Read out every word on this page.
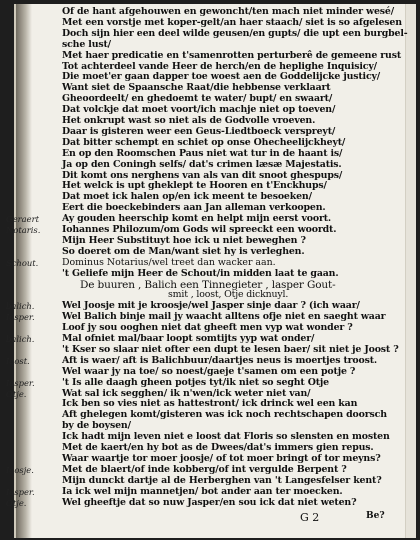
Of de hant afgehouwen en gewoncht/ten mach niet minder wesé/
Met een vorstje met koper-gelt/an haer staach/ siet is so afgelesen
Doch sijn hier een deel wilde geusen/en gupts/ die upt een burgbel-
sche lust/
Met haer predicatie en t'samenrotten perturberê de gemeene rust
Tot achterdeel vande Heer de herch/en de heplighe Inquisicy/
Die moet'er gaan dapper toe woest aen de Goddelijcke justicy/
Want siet de Spaansche Raat/die hebbense verklaart
Gheoordeelt/ en ghedoemt te water/ bupt/ en swaart/
Dat volckje dat moet voort/ich machje niet op toeven/
Het onkrupt wast so niet als de Godvolle vroeven.
Daar is gisteren weer een Geus-Liedtboeck verspreyt/
Dat bitter schempt en schiet op onse Ohecheelijckheyt/
En op den Roomschen Paus niet wat tur in de haant is/
Ja op den Coningh selfs/ dat's crimen læsæ Majestatis.
Dit komt ons nerghens van als van dit snoot ghespups/
Het welck is upt gheklept te Hooren en t'Enckhups/
Dat moet ick halen op/en ick meent te besoeken/
Eert die boeckebinders aan Jan alleman verkoopen.
Geraert Ay gouden heerschip komt en helpt mijn eerst voort.
Notaris. Iohannes Philozum/om Gods wil spreeckt een woordt.
Mijn Heer Substituyt hoe ick u niet beweghen ?
So doeret om de Man/want siet hy is verleghen.
Schout.	Dominus Notarius/wel treet dan wacker aan.
't Geliefe mijn Heer de Schout/in midden laat te gaan.
De buuren , Balich een Tinnegieter , lasper Gout-
smit , loost, Otje dicknuyl.
balich.	Wel Joosje mit je kroosje/wel Jasper sinje daar ? (ich waar/
Iasper.	Wel Balich binje mail jy waacht alltens ofje niet en saeght waar
Loof jy sou ooghen niet dat gheeft men vyp wat wonder ?
balich.	Mal ofniet mal/baar loopt somtijts yyp wat onder/
't Kser so slaar niet ofter een dupt te lesen baer/ sit niet je Joost ?
Ioost.	Aft is waer/ aft is Balichbuur/daartjes neus is moertjes troost.
Wel waar jy na toe/ so noest/gaeje t'samen om een potje ?
Iasper.	't Is alle daagh gheen potjes tyt/ik niet so seght Otje
Otje.	Wat sal ick segghen/ ik n'wen/ick weter niet van/
Ick ben so vies niet as hattestront/ ick drinck wel een kan
Aft ghelegen komt/gisteren was ick noch rechtschapen doorsch
by de boysen/
Ick hadt mijn leven niet e loost dat Floris so slensten en mosten
Met de kaert/en hy bot as de Dwees/dat's immers gien repus.
Waar waartje tor moer joosje/ of tot moer bringt of tor meyns?
Ioosje.	Met de blaert/of inde kobberg/of int vergulde Berpent ?
Mijn dunckt dartje al de Herberghen van 't Langesfelser kent?
Iasper.	Ia ick wel mijn mannetjen/ bot ander aan ter moecken.
Otje.	Wel gheeftje dat so nuw Jasper/en sou ick dat niet weten?
G 2	Be?
